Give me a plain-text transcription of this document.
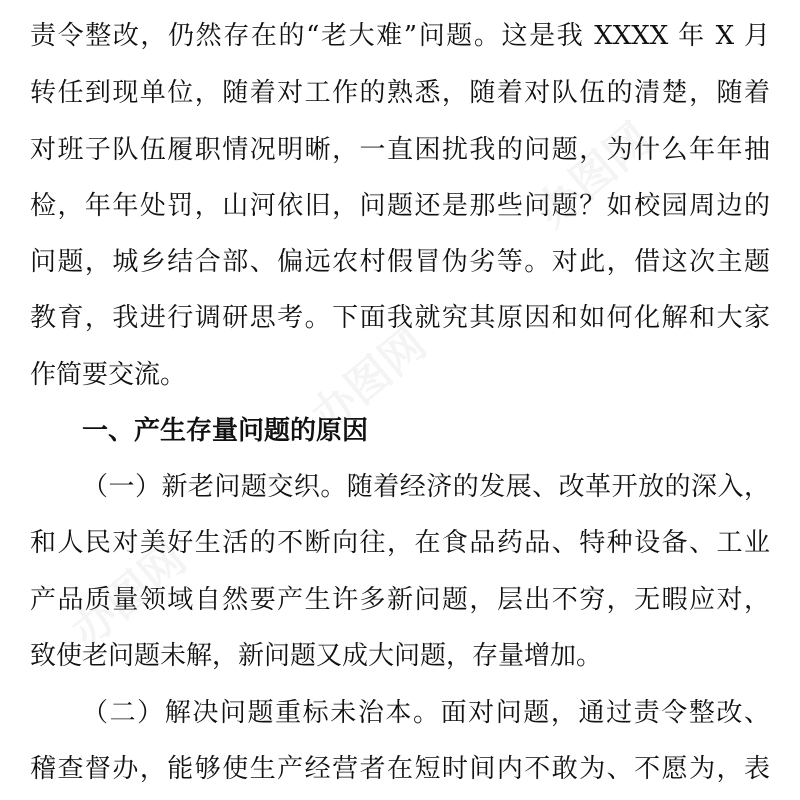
责令整改，仍然存在的“老大难”问题。这是我 XXXX 年 X 月
转任到现单位，随着对工作的熟悉，随着对队伍的清楚，随着
对班子队伍履职情况明晰，一直困扰我的问题，为什么年年抽
检，年年处罚，山河依旧，问题还是那些问题？如校园周边的
问题，城乡结合部、偏远农村假冒伪劣等。对此，借这次主题
教育，我进行调研思考。下面我就究其原因和如何化解和大家
作简要交流。
一、产生存量问题的原因
（一）新老问题交织。随着经济的发展、改革开放的深入，
和人民对美好生活的不断向往，在食品药品、特种设备、工业
产品质量领域自然要产生许多新问题，层出不穷，无暇应对，
致使老问题未解，新问题又成大问题，存量增加。
（二）解决问题重标未治本。面对问题，通过责令整改、
稽查督办，能够使生产经营者在短时间内不敢为、不愿为，表
办图网
办图网
办图网
